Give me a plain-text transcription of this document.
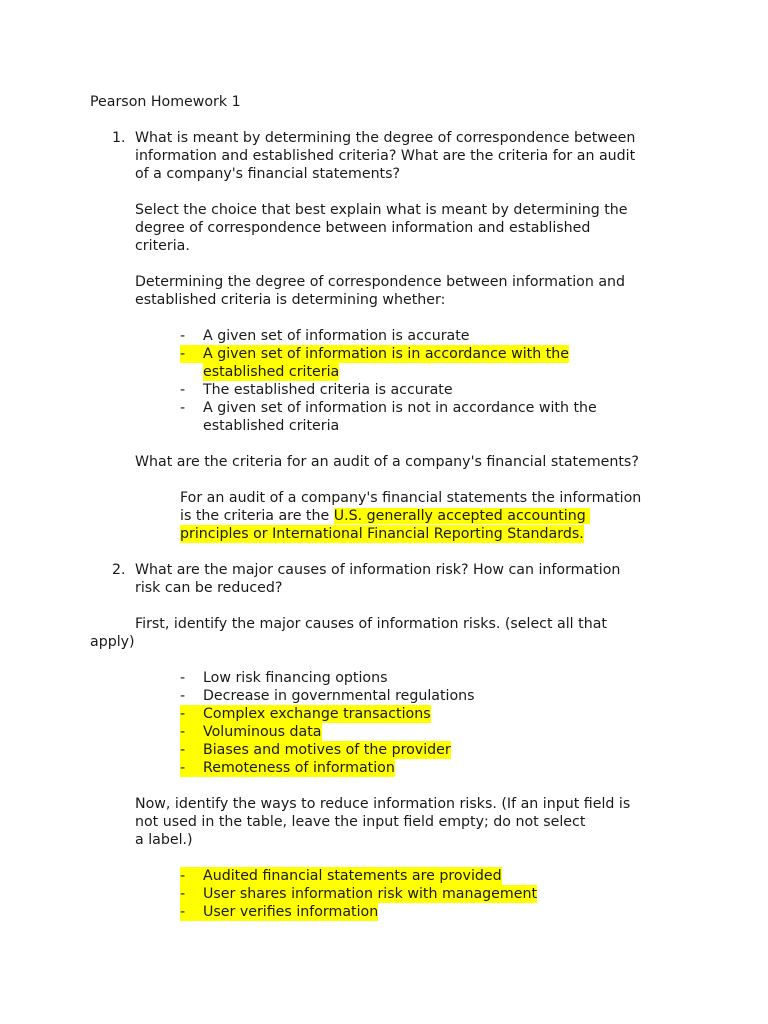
Pearson Homework 1
1. What is meant by determining the degree of correspondence between
information and established criteria? What are the criteria for an audit
of a company's financial statements?
Select the choice that best explain what is meant by determining the
degree of correspondence between information and established
criteria.
Determining the degree of correspondence between information and
established criteria is determining whether:
- A given set of information is accurate
-	A given set of information is in accordance with the
established criteria
- The established criteria is accurate
- A given set of information is not in accordance with the
established criteria
What are the criteria for an audit of a company's financial statements?
For an audit of a company's financial statements the information
is the criteria are the U.S. generally accepted accounting
principles or International Financial Reporting Standards.
2. What are the major causes of information risk? How can information
risk can be reduced?
First, identify the major causes of information risks. (select all that
apply)
- Low risk financing options
- Decrease in governmental regulations
-	Complex exchange transactions
-	Voluminous data
-	Biases and motives of the provider
-	Remoteness of information
Now, identify the ways to reduce information risks. (If an input field is
not used in the table, leave the input field empty; do not select
a label.)
-	Audited financial statements are provided
-	User shares information risk with management
-	User verifies information
